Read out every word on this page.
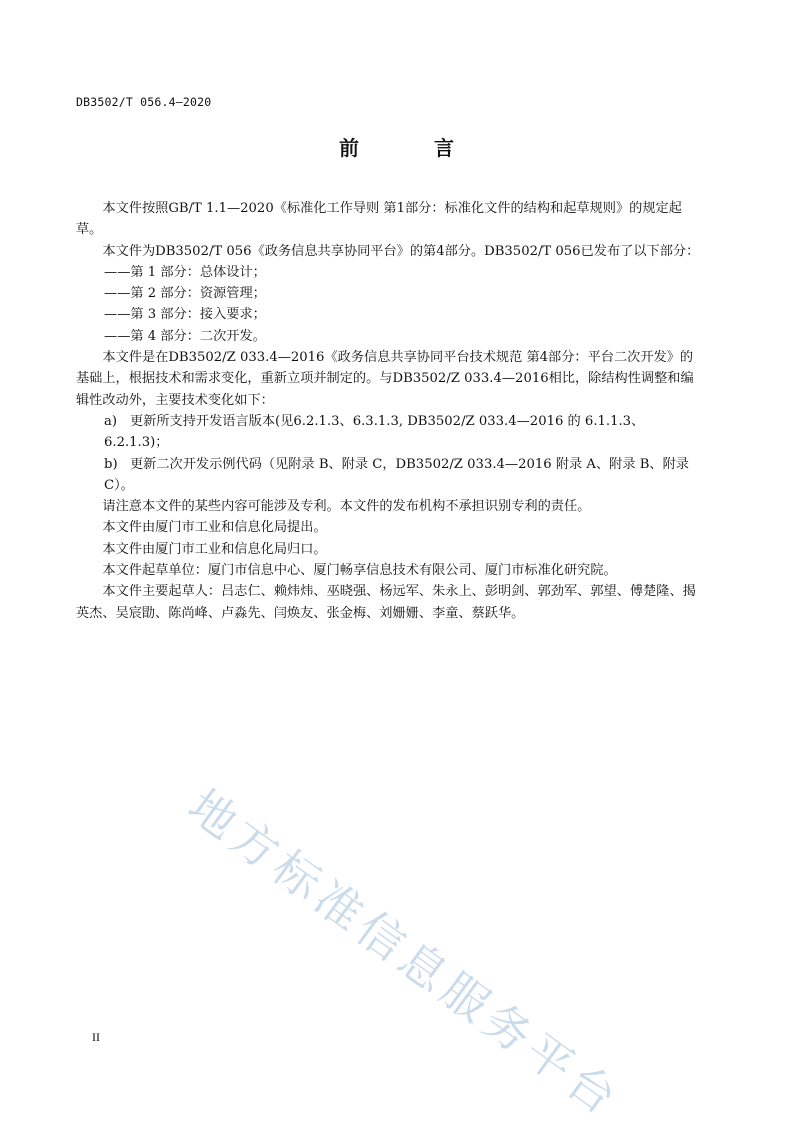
DB3502/T 056.4—2020
前 言

本文件按照GB/T 1.1—2020《标准化工作导则 第1部分：标准化文件的结构和起草规则》的规定起草。

本文件为DB3502/T 056《政务信息共享协同平台》的第4部分。DB3502/T 056已发布了以下部分：

——第 1 部分：总体设计；

——第 2 部分：资源管理；

——第 3 部分：接入要求；

——第 4 部分：二次开发。

本文件是在DB3502/Z 033.4—2016《政务信息共享协同平台技术规范 第4部分：平台二次开发》的基础上，根据技术和需求变化，重新立项并制定的。与DB3502/Z 033.4—2016相比，除结构性调整和编辑性改动外，主要技术变化如下：

a) 更新所支持开发语言版本(见6.2.1.3、6.3.1.3, DB3502/Z 033.4—2016 的 6.1.1.3、6.2.1.3)；

b) 更新二次开发示例代码（见附录 B、附录 C，DB3502/Z 033.4—2016 附录 A、附录 B、附录 C）。

请注意本文件的某些内容可能涉及专利。本文件的发布机构不承担识别专利的责任。

本文件由厦门市工业和信息化局提出。

本文件由厦门市工业和信息化局归口。

本文件起草单位：厦门市信息中心、厦门畅享信息技术有限公司、厦门市标准化研究院。

本文件主要起草人：吕志仁、赖炜炜、巫晓强、杨远军、朱永上、彭明剑、郭劲军、郭望、傅楚隆、揭英杰、吴宸勖、陈尚峰、卢淼先、闫焕友、张金梅、刘姗姗、李童、蔡跃华。

地方标准信息服务平台
II
